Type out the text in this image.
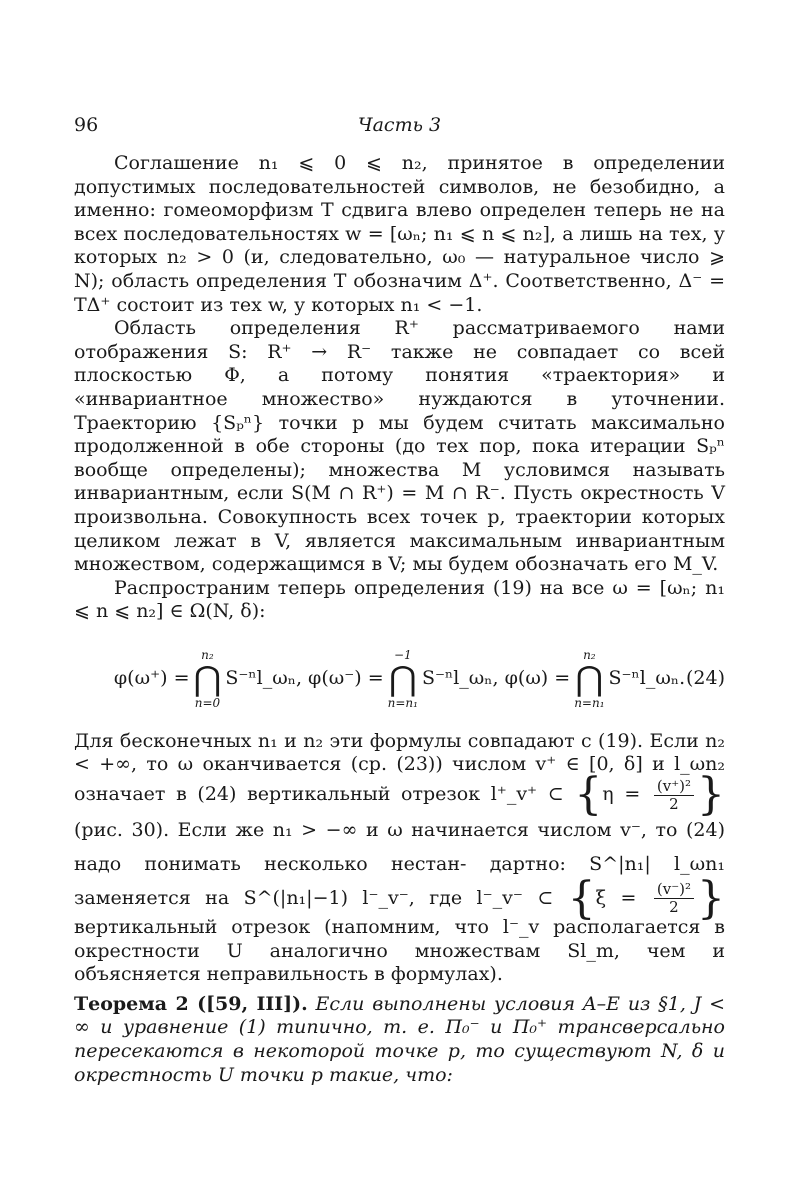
96	Часть 3

Соглашение n₁ ⩽ 0 ⩽ n₂, принятое в определении допустимых последовательностей символов, не безобидно, а именно: гомеоморфизм T сдвига влево определен теперь не на всех последовательностях w = [ωₙ; n₁ ⩽ n ⩽ n₂], а лишь на тех, у которых n₂ > 0 (и, следовательно, ω₀ — натуральное число ⩾ N); область определения T обозначим Δ⁺. Соответственно, Δ⁻ = TΔ⁺ состоит из тех w, у которых n₁ < −1.

Область определения R⁺ рассматриваемого нами отображения S: R⁺ → R⁻ также не совпадает со всей плоскостью Φ, а потому понятия «траектория» и «инвариантное множество» нуждаются в уточнении. Траекторию {Sₚⁿ} точки p мы будем считать максимально продолженной в обе стороны (до тех пор, пока итерации Sₚⁿ вообще определены); множества M условимся называть инвариантным, если S(M ∩ R⁺) = M ∩ R⁻. Пусть окрестность V произвольна. Совокупность всех точек p, траектории которых целиком лежат в V, является максимальным инвариантным множеством, содержащимся в V; мы будем обозначать его M_V.

Распространим теперь определения (19) на все ω = [ωₙ; n₁ ⩽ n ⩽ n₂] ∈ Ω(N, δ):

φ(ω⁺) =
n₂
⋂
n=0
S⁻ⁿl_ωₙ, φ(ω⁻) =
−1
⋂
n=n₁
S⁻ⁿl_ωₙ, φ(ω) =
n₂
⋂
n=n₁
S⁻ⁿl_ωₙ. (24)

Для бесконечных n₁ и n₂ эти формулы совпадают с (19). Если n₂ < +∞, то ω оканчивается (ср. (23)) числом v⁺ ∈ [0, δ] и l_ωn₂ означает в (24) вертикальный отрезок l⁺_v⁺ ⊂ {$\eta = \frac{\text{(v⁺)²}}{2}$ } (рис. 30). Если же n₁ > −∞ и ω начинается числом v⁻, то (24) надо понимать несколько нестан- дартно: S^|n₁| l_ωn₁ заменяется на S^(|n₁|−1) l⁻_v⁻, где l⁻_v⁻ ⊂ {$\xi = \frac{\text{(v⁻)²}}{2}$ } вертикальный отрезок (напомним, что l⁻_v располагается в окрестности U аналогично множествам Sl_m, чем и объясняется неправильность в формулах).

Теорема 2 ([59, III]). Если выполнены условия A–E из §1, J < ∞ и уравнение (1) типично, т. е. Π₀⁻ и Π₀⁺ трансверсально пересекаются в некоторой точке p, то существуют N, δ и окрестность U точки p такие, что:
